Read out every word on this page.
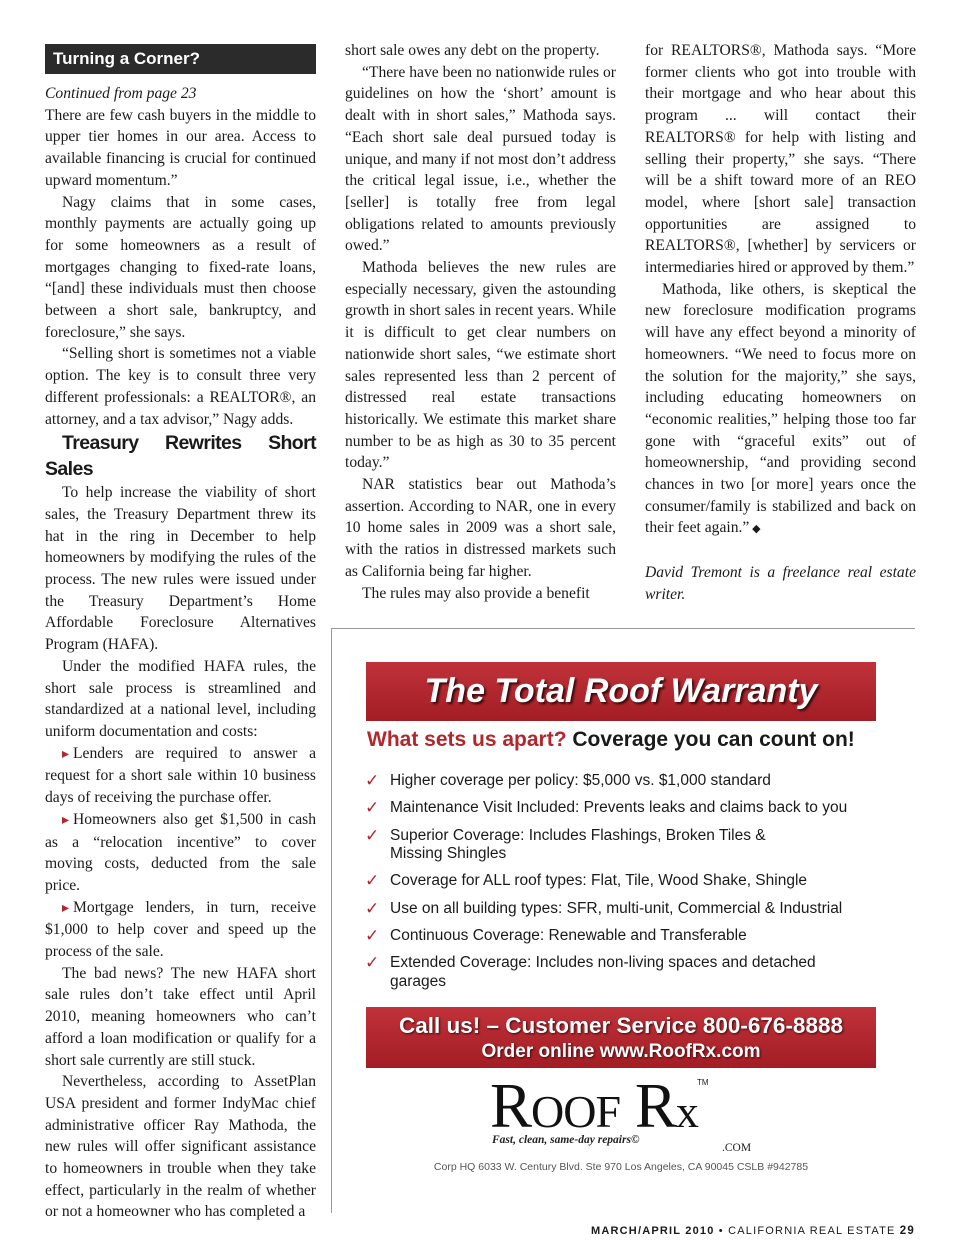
Turning a Corner?

Continued from page 23

There are few cash buyers in the middle to upper tier homes in our area. Access to available financing is crucial for continued upward momentum.”

Nagy claims that in some cases, monthly payments are actually going up for some homeowners as a result of mortgages changing to fixed-rate loans, “[and] these individuals must then choose between a short sale, bankruptcy, and foreclosure,” she says.

“Selling short is sometimes not a viable option. The key is to consult three very different professionals: a REALTOR®, an attorney, and a tax advisor,” Nagy adds.

Treasury Rewrites Short Sales

To help increase the viability of short sales, the Treasury Department threw its hat in the ring in December to help homeowners by modifying the rules of the process. The new rules were issued under the Treasury Department’s Home Affordable Foreclosure Alternatives Program (HAFA).

Under the modified HAFA rules, the short sale process is streamlined and standardized at a national level, including uniform documentation and costs:

▸ Lenders are required to answer a request for a short sale within 10 business days of receiving the purchase offer.

▸ Homeowners also get $1,500 in cash as a “relocation incentive” to cover moving costs, deducted from the sale price.

▸ Mortgage lenders, in turn, receive $1,000 to help cover and speed up the process of the sale.

The bad news? The new HAFA short sale rules don’t take effect until April 2010, meaning homeowners who can’t afford a loan modification or qualify for a short sale currently are still stuck.

Nevertheless, according to AssetPlan USA president and former IndyMac chief administrative officer Ray Mathoda, the new rules will offer significant assistance to homeowners in trouble when they take effect, particularly in the realm of whether or not a homeowner who has completed a

short sale owes any debt on the property.

“There have been no nationwide rules or guidelines on how the ‘short’ amount is dealt with in short sales,” Mathoda says. “Each short sale deal pursued today is unique, and many if not most don’t address the critical legal issue, i.e., whether the [seller] is totally free from legal obligations related to amounts previously owed.”

Mathoda believes the new rules are especially necessary, given the astounding growth in short sales in recent years. While it is difficult to get clear numbers on nationwide short sales, “we estimate short sales represented less than 2 percent of distressed real estate transactions historically. We estimate this market share number to be as high as 30 to 35 percent today.”

NAR statistics bear out Mathoda’s assertion. According to NAR, one in every 10 home sales in 2009 was a short sale, with the ratios in distressed markets such as California being far higher.

The rules may also provide a benefit

for REALTORS®, Mathoda says. “More former clients who got into trouble with their mortgage and who hear about this program ... will contact their REALTORS® for help with listing and selling their property,” she says. “There will be a shift toward more of an REO model, where [short sale] transaction opportunities are assigned to REALTORS®, [whether] by servicers or intermediaries hired or approved by them.”

Mathoda, like others, is skeptical the new foreclosure modification programs will have any effect beyond a minority of homeowners. “We need to focus more on the solution for the majority,” she says, including educating homeowners on “economic realities,” helping those too far gone with “graceful exits” out of homeownership, “and providing second chances in two [or more] years once the consumer/family is stabilized and back on their feet again.” ◆

David Tremont is a freelance real estate writer.

The Total Roof Warranty
What sets us apart? Coverage you can count on!
✓ Higher coverage per policy: $5,000 vs. $1,000 standard
✓ Maintenance Visit Included: Prevents leaks and claims back to you
✓ Superior Coverage: Includes Flashings, Broken Tiles & Missing Shingles
✓ Coverage for ALL roof types: Flat, Tile, Wood Shake, Shingle
✓ Use on all building types: SFR, multi-unit, Commercial & Industrial
✓ Continuous Coverage: Renewable and Transferable
✓ Extended Coverage: Includes non-living spaces and detached garages
Call us! – Customer Service 800-676-8888
Order online www.RoofRx.com
ROOF Rx
TM
Fast, clean, same-day repairs©
.COM
Corp HQ 6033 W. Century Blvd. Ste 970 Los Angeles, CA 90045 CSLB #942785
MARCH/APRIL 2010 • CALIFORNIA REAL ESTATE 29
